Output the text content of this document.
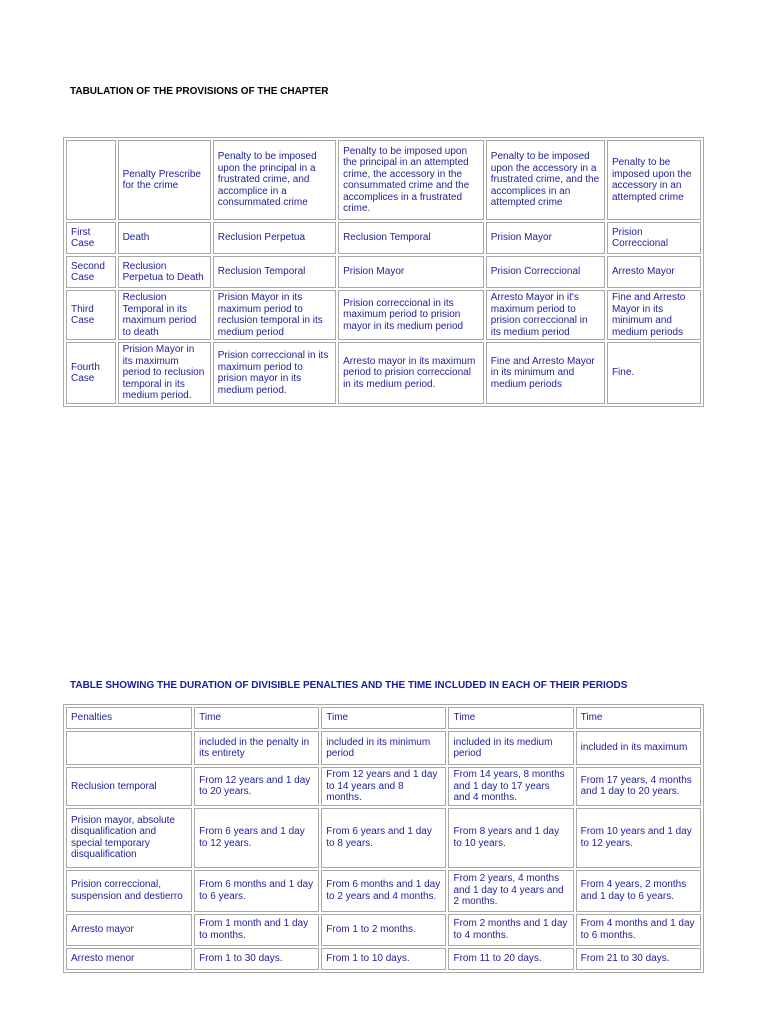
TABULATION OF THE PROVISIONS OF THE CHAPTER
	Penalty Prescribe for the crime	Penalty to be imposed upon the principal in a frustrated crime, and accomplice in a consummated crime	Penalty to be imposed upon the principal in an attempted crime, the accessory in the consummated crime and the accomplices in a frustrated crime.	Penalty to be imposed upon the accessory in a frustrated crime, and the accomplices in an attempted crime	Penalty to be imposed upon the accessory in an attempted crime
First Case	Death	Reclusion Perpetua	Reclusion Temporal	Prision Mayor	Prision Correccional
Second Case	Reclusion Perpetua to Death	Reclusion Temporal	Prision Mayor	Prision Correccional	Arresto Mayor
Third Case	Reclusion Temporal in its maximum period to death	Prision Mayor in its maximum period to reclusion temporal in its medium period	Prision correccional in its maximum period to prision mayor in its medium period	Arresto Mayor in it's maximum period to prision correccional in its medium period	Fine and Arresto Mayor in its minimum and medium periods
Fourth Case	Prision Mayor in its maximum period to reclusion temporal in its medium period.	Prision correccional in its maximum period to prision mayor in its medium period.	Arresto mayor in its maximum period to prision correccional in its medium period.	Fine and Arresto Mayor in its minimum and medium periods	Fine.
TABLE SHOWING THE DURATION OF DIVISIBLE PENALTIES AND THE TIME INCLUDED IN EACH OF THEIR PERIODS
Penalties	Time	Time	Time	Time
	included in the penalty in its entirety	included in its minimum period	included in its medium period	included in its maximum
Reclusion temporal	From 12 years and 1 day to 20 years.	From 12 years and 1 day to 14 years and 8 months.	From 14 years, 8 months and 1 day to 17 years and 4 months.	From 17 years, 4 months and 1 day to 20 years.
Prision mayor, absolute disqualification and special temporary disqualification	From 6 years and 1 day to 12 years.	From 6 years and 1 day to 8 years.	From 8 years and 1 day to 10 years.	From 10 years and 1 day to 12 years.
Prision correccional, suspension and destierro	From 6 months and 1 day to 6 years.	From 6 months and 1 day to 2 years and 4 months.	From 2 years, 4 months and 1 day to 4 years and 2 months.	From 4 years, 2 months and 1 day to 6 years.
Arresto mayor	From 1 month and 1 day to months.	From 1 to 2 months.	From 2 months and 1 day to 4 months.	From 4 months and 1 day to 6 months.
Arresto menor	From 1 to 30 days.	From 1 to 10 days.	From 11 to 20 days.	From 21 to 30 days.
